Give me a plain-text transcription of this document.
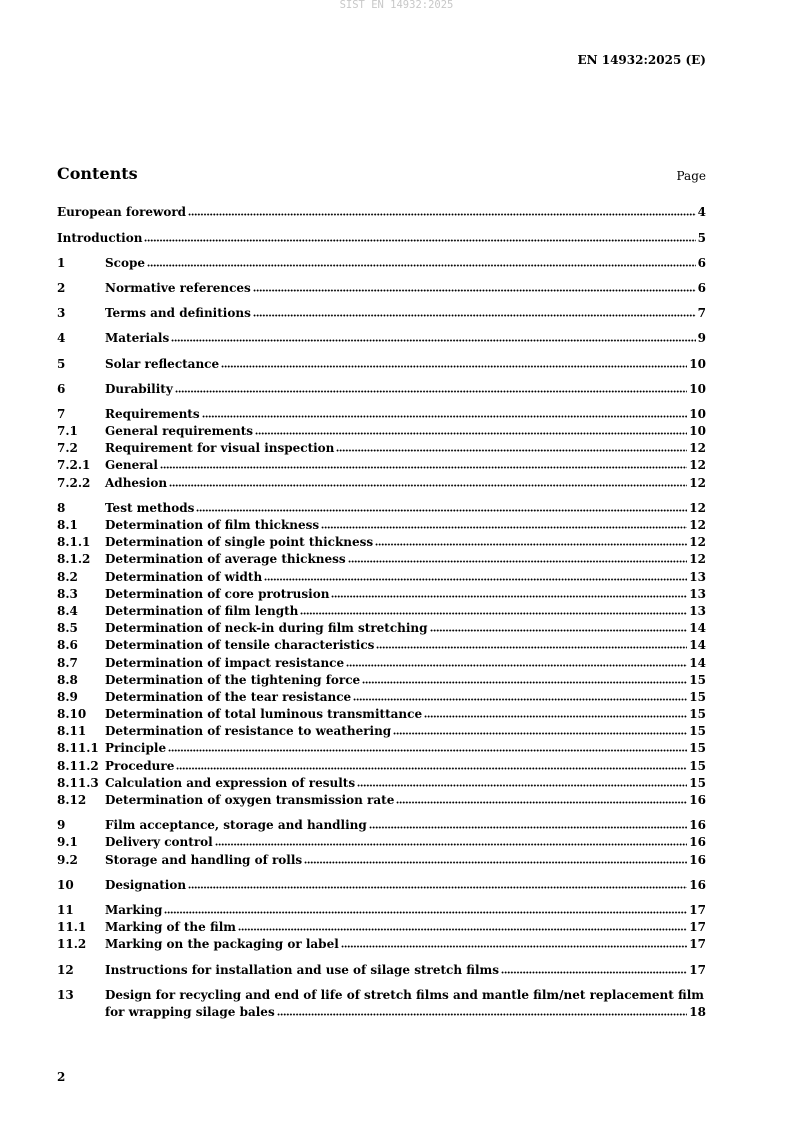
SIST EN 14932:2025
EN 14932:2025 (E)
Contents	Page
European foreword	4
Introduction	5
1	Scope	6
2	Normative references	6
3	Terms and definitions	7
4	Materials	9
5	Solar reflectance	10
6	Durability	10
7	Requirements	10
7.1	General requirements	10
7.2	Requirement for visual inspection	12
7.2.1	General	12
7.2.2	Adhesion	12
8	Test methods	12
8.1	Determination of film thickness	12
8.1.1	Determination of single point thickness	12
8.1.2	Determination of average thickness	12
8.2	Determination of width	13
8.3	Determination of core protrusion	13
8.4	Determination of film length	13
8.5	Determination of neck-in during film stretching	14
8.6	Determination of tensile characteristics	14
8.7	Determination of impact resistance	14
8.8	Determination of the tightening force	15
8.9	Determination of the tear resistance	15
8.10	Determination of total luminous transmittance	15
8.11	Determination of resistance to weathering	15
8.11.1 Principle	15
8.11.2 Procedure	15
8.11.3 Calculation and expression of results	15
8.12	Determination of oxygen transmission rate	16
9	Film acceptance, storage and handling	16
9.1	Delivery control	16
9.2	Storage and handling of rolls	16
10	Designation	16
11	Marking	17
11.1	Marking of the film	17
11.2	Marking on the packaging or label	17
12	Instructions for installation and use of silage stretch films	17
13	Design for recycling and end of life of stretch films and mantle film/net replacement film
for wrapping silage bales	18
2
